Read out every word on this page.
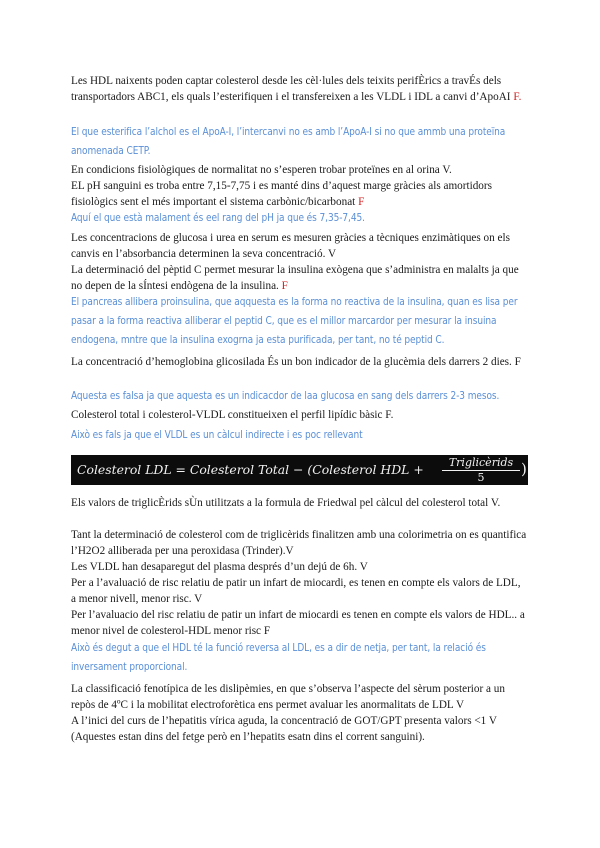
Les HDL naixents poden captar colesterol desde les cèl·lules dels teixits perifÈrics a travÉs dels transportadors ABC1, els quals l’esterifiquen i el transfereixen a les VLDL i IDL a canvi d’ApoAI F.

El que esterifica l’alchol es el ApoA-I, l’intercanvi no es amb l’ApoA-I si no que ammb una proteïna anomenada CETP.

En condicions fisiològiques de normalitat no s’esperen trobar proteïnes en al orina V.

EL pH sanguini es troba entre 7,15-7,75 i es manté dins d’aquest marge gràcies als amortidors fisiològics sent el més important el sistema carbònic/bicarbonat F

Aquí el que està malament és eel rang del pH ja que és 7,35-7,45.

Les concentracions de glucosa i urea en serum es mesuren gràcies a tècniques enzimàtiques on els canvis en l’absorbancia determinen la seva concentració. V

La determinació del pèptid C permet mesurar la insulina exògena que s’administra en malalts ja que no depen de la sÍntesi endògena de la insulina. F

El pancreas allibera proinsulina, que aqquesta es la forma no reactiva de la insulina, quan es lisa per pasar a la forma reactiva alliberar el peptid C, que es el millor marcardor per mesurar la insuina endogena, mntre que la insulina exogrna ja esta purificada, per tant, no té peptid C.

La concentració d’hemoglobina glicosilada És un bon indicador de la glucèmia dels darrers 2 dies. F

Aquesta es falsa ja que aquesta es un indicacdor de laa glucosa en sang dels darrers 2-3 mesos.

Colesterol total i colesterol-VLDL constitueixen el perfil lipídic bàsic F.

Això es fals ja que el VLDL es un càlcul indirecte i es poc rellevant

Colesterol LDL = Colesterol Total − (Colesterol HDL +	Triglicèrids
5	)

Els valors de triglicÈrids sÙn utilitzats a la formula de Friedwal pel càlcul del colesterol total V.

Tant la determinació de colesterol com de triglicèrids finalitzen amb una colorimetria on es quantifica l’H2O2 alliberada per una peroxidasa (Trinder).V

Les VLDL han desaparegut del plasma després d’un dejú de 6h. V

Per a l’avaluació de risc relatiu de patir un infart de miocardi, es tenen en compte els valors de LDL, a menor nivell, menor risc. V

Per l’avaluacio del risc relatiu de patir un infart de miocardi es tenen en compte els valors de HDL.. a menor nivel de colesterol-HDL menor risc F

Això és degut a que el HDL té la funció reversa al LDL, es a dir de netja, per tant, la relació és inversament proporcional.

La classificació fenotípica de les dislipèmies, en que s’observa l’aspecte del sèrum posterior a un repòs de 4ºC i la mobilitat electroforètica ens permet avaluar les anormalitats de LDL V

A l’inici del curs de l’hepatitis vírica aguda, la concentració de GOT/GPT presenta valors <1 V (Aquestes estan dins del fetge però en l’hepatits esatn dins el corrent sanguini).
